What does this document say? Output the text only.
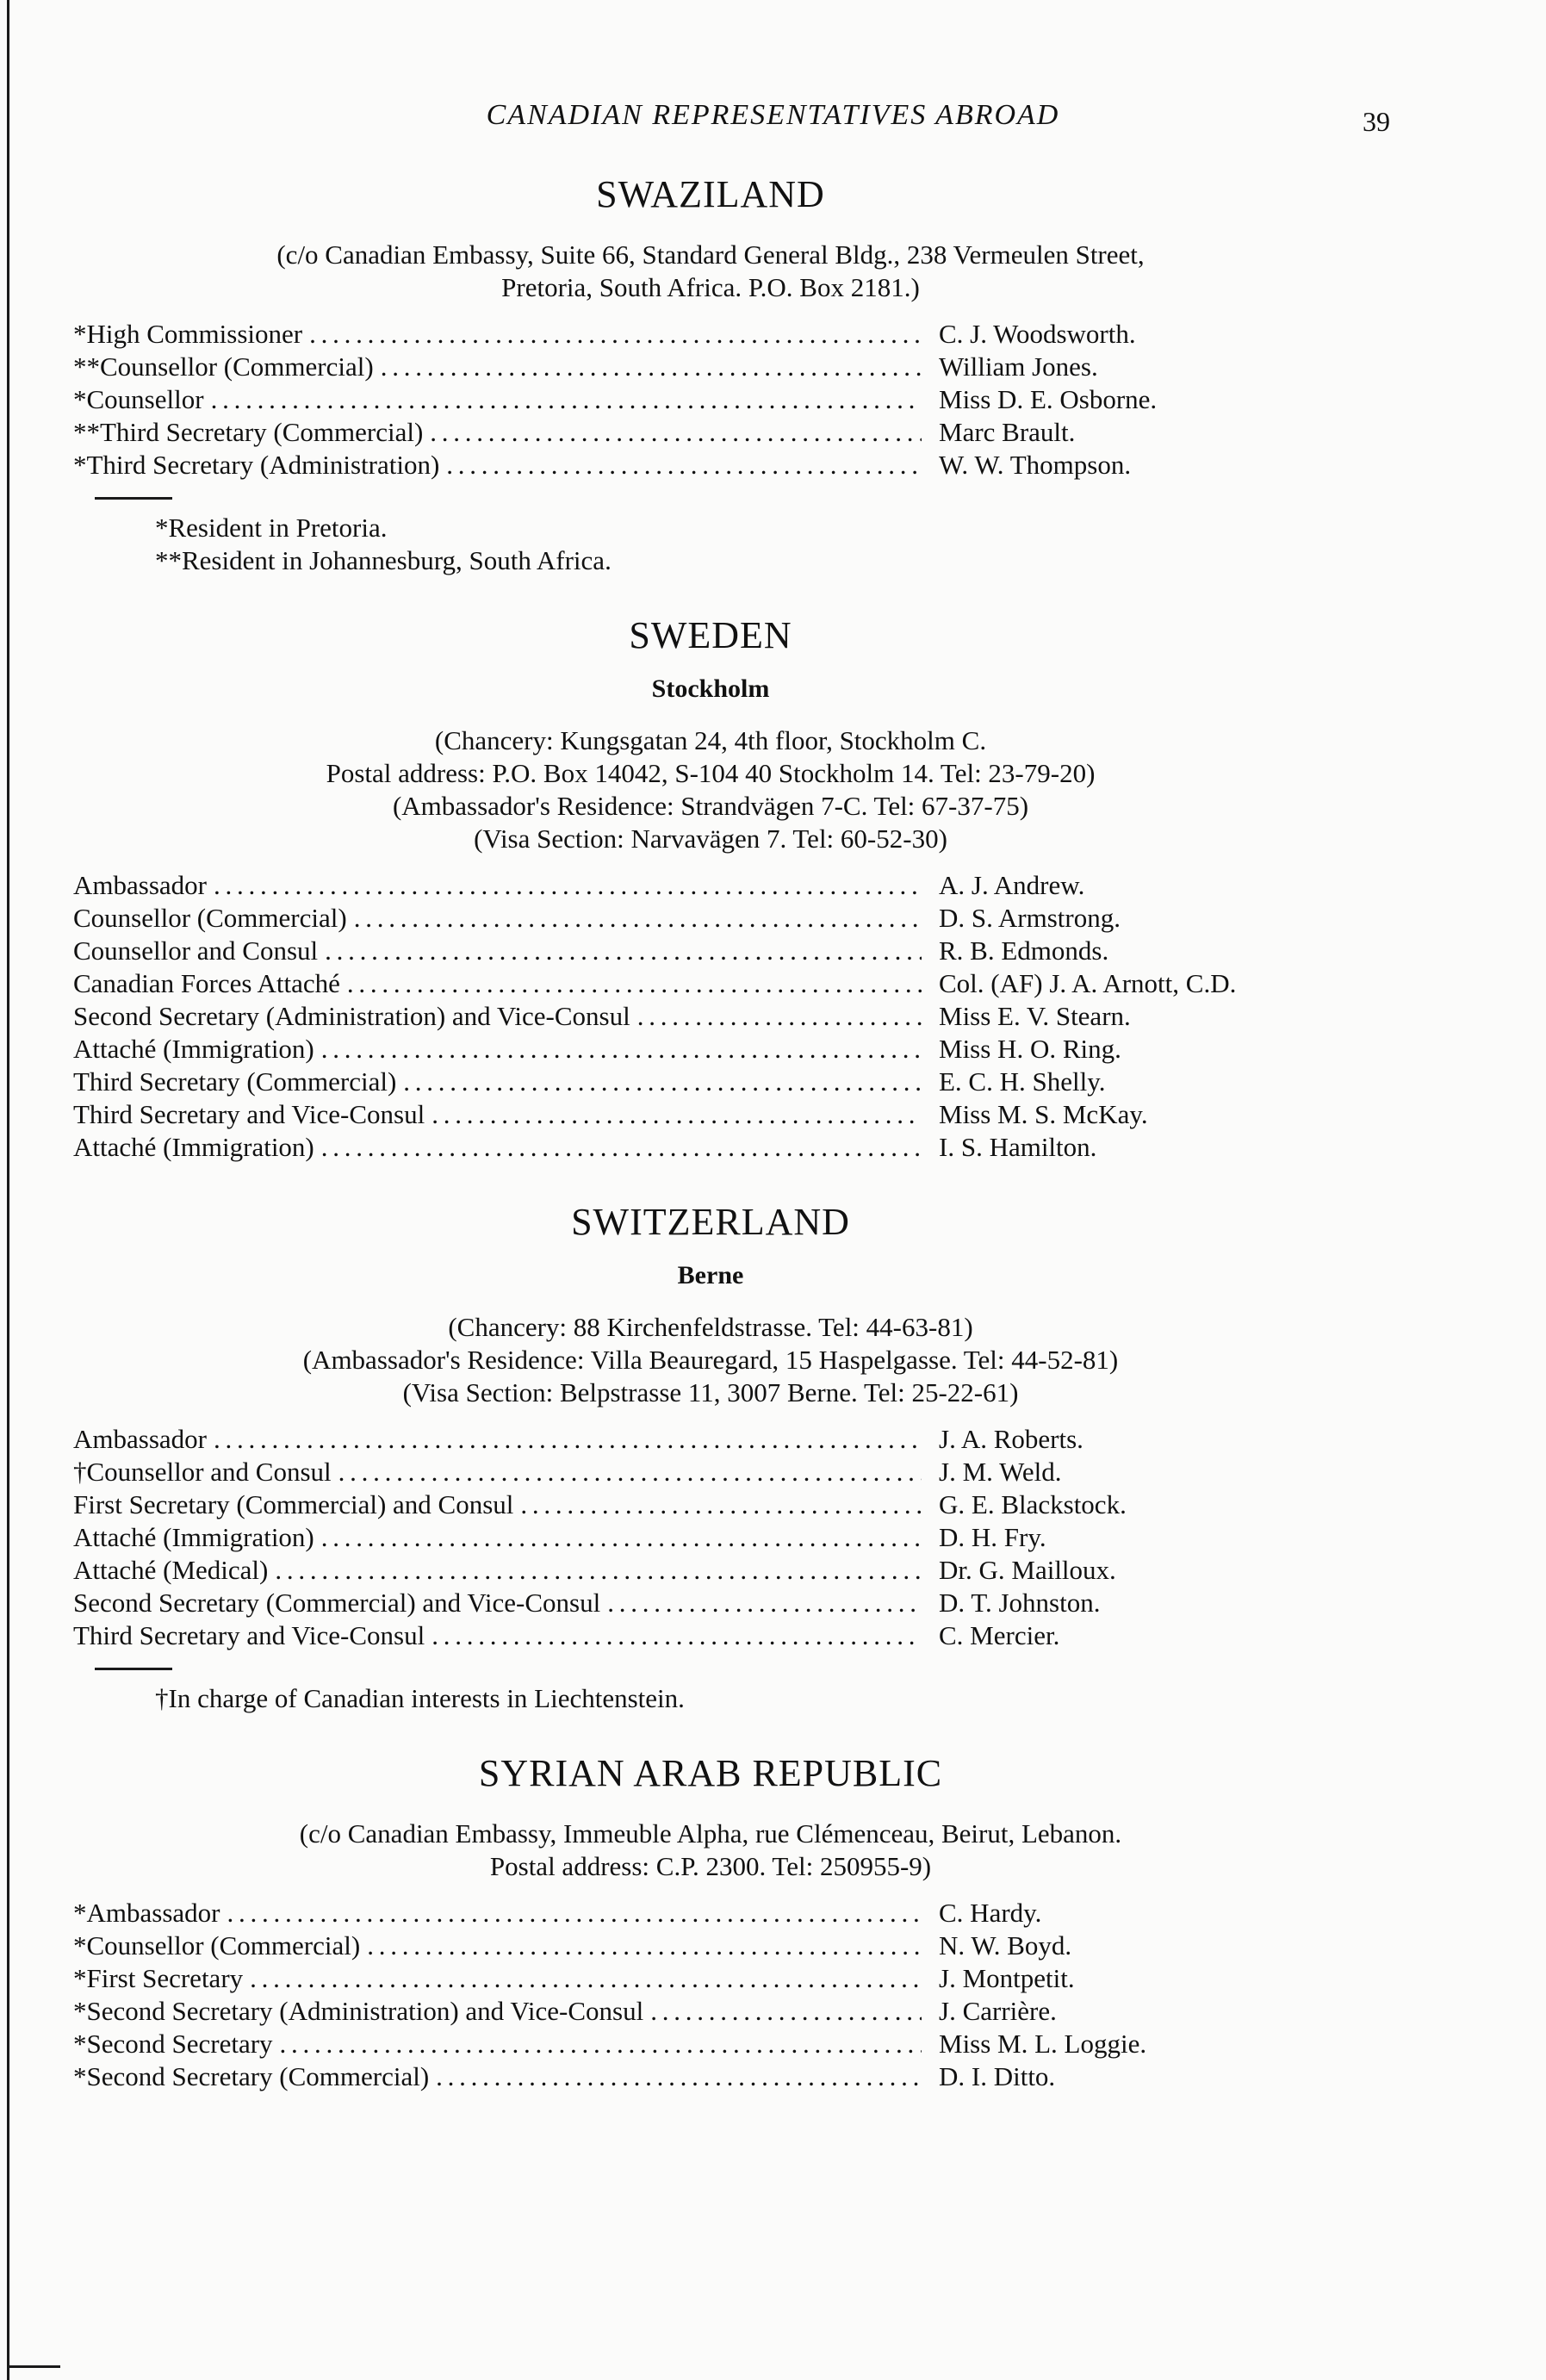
CANADIAN REPRESENTATIVES ABROAD	39
SWAZILAND
(c/o Canadian Embassy, Suite 66, Standard General Bldg., 238 Vermeulen Street,
Pretoria, South Africa. P.O. Box 2181.)
*High Commissioner . . .	C. J. Woodsworth.
**Counsellor (Commercial) . . .	William Jones.
*Counsellor . . .	Miss D. E. Osborne.
**Third Secretary (Commercial) . . .	Marc Brault.
*Third Secretary (Administration) . . .	W. W. Thompson.
*Resident in Pretoria.
**Resident in Johannesburg, South Africa.
SWEDEN
Stockholm
(Chancery: Kungsgatan 24, 4th floor, Stockholm C.
Postal address: P.O. Box 14042, S-104 40 Stockholm 14. Tel: 23-79-20)
(Ambassador's Residence: Strandvägen 7-C. Tel: 67-37-75)
(Visa Section: Narvavägen 7. Tel: 60-52-30)
Ambassador . . .	A. J. Andrew.
Counsellor (Commercial) . . .	D. S. Armstrong.
Counsellor and Consul . . .	R. B. Edmonds.
Canadian Forces Attaché . . .	Col. (AF) J. A. Arnott, C.D.
Second Secretary (Administration) and Vice-Consul . . .	Miss E. V. Stearn.
Attaché (Immigration) . . .	Miss H. O. Ring.
Third Secretary (Commercial) . . .	E. C. H. Shelly.
Third Secretary and Vice-Consul . . .	Miss M. S. McKay.
Attaché (Immigration) . . .	I. S. Hamilton.
SWITZERLAND
Berne
(Chancery: 88 Kirchenfeldstrasse. Tel: 44-63-81)
(Ambassador's Residence: Villa Beauregard, 15 Haspelgasse. Tel: 44-52-81)
(Visa Section: Belpstrasse 11, 3007 Berne. Tel: 25-22-61)
Ambassador . . .	J. A. Roberts.
†Counsellor and Consul . . .	J. M. Weld.
First Secretary (Commercial) and Consul . . .	G. E. Blackstock.
Attaché (Immigration) . . .	D. H. Fry.
Attaché (Medical) . . .	Dr. G. Mailloux.
Second Secretary (Commercial) and Vice-Consul . . .	D. T. Johnston.
Third Secretary and Vice-Consul . . .	C. Mercier.
†In charge of Canadian interests in Liechtenstein.
SYRIAN ARAB REPUBLIC
(c/o Canadian Embassy, Immeuble Alpha, rue Clémenceau, Beirut, Lebanon.
Postal address: C.P. 2300. Tel: 250955-9)
*Ambassador . . .	C. Hardy.
*Counsellor (Commercial) . . .	N. W. Boyd.
*First Secretary . . .	J. Montpetit.
*Second Secretary (Administration) and Vice-Consul . . .	J. Carrière.
*Second Secretary . . .	Miss M. L. Loggie.
*Second Secretary (Commercial) . . .	D. I. Ditto.
